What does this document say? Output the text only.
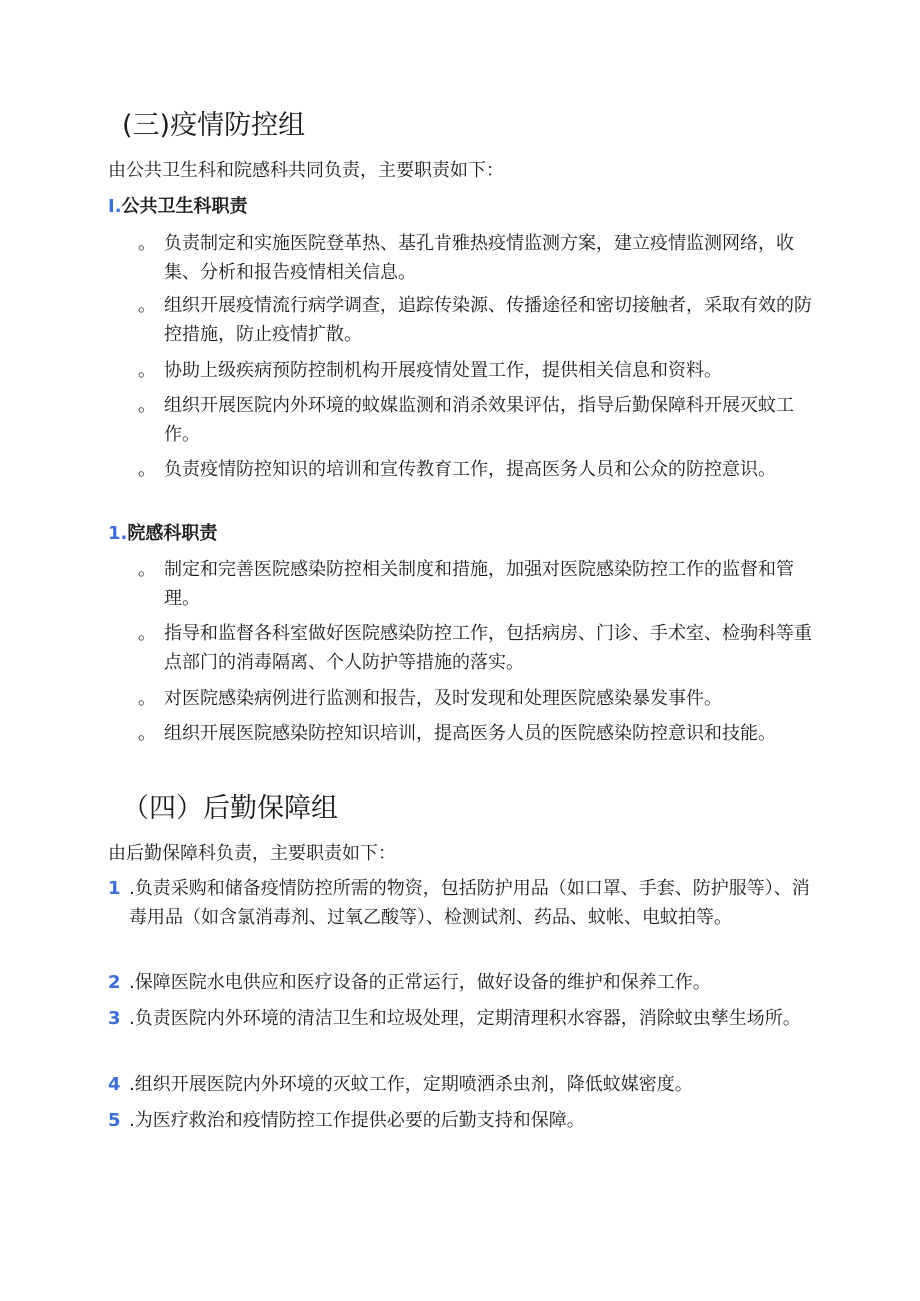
(三)疫情防控组
由公共卫生科和院感科共同负责，主要职责如下：
I.公共卫生科职责
。 负责制定和实施医院登革热、基孔肯雅热疫情监测方案，建立疫情监测网络，收集、分析和报告疫情相关信息。
。 组织开展疫情流行病学调查，追踪传染源、传播途径和密切接触者，采取有效的防控措施，防止疫情扩散。
。 协助上级疾病预防控制机构开展疫情处置工作，提供相关信息和资料。
。 组织开展医院内外环境的蚊媒监测和消杀效果评估，指导后勤保障科开展灭蚊工作。
。 负责疫情防控知识的培训和宣传教育工作，提高医务人员和公众的防控意识。
1.院感科职责
。 制定和完善医院感染防控相关制度和措施，加强对医院感染防控工作的监督和管理。
。 指导和监督各科室做好医院感染防控工作，包括病房、门诊、手术室、检驹科等重点部门的消毒隔离、个人防护等措施的落实。
。 对医院感染病例进行监测和报告，及时发现和处理医院感染暴发事件。
。 组织开展医院感染防控知识培训，提高医务人员的医院感染防控意识和技能。
（四）后勤保障组
由后勤保障科负责，主要职责如下：
1 .负责采购和储备疫情防控所需的物资，包括防护用品（如口罩、手套、防护服等）、消毒用品（如含氯消毒剂、过氧乙酸等）、检测试剂、药品、蚊帐、电蚊拍等。
2 .保障医院水电供应和医疗设备的正常运行，做好设备的维护和保养工作。
3 .负责医院内外环境的清洁卫生和垃圾处理，定期清理积水容器，消除蚊虫孳生场所。
4 .组织开展医院内外环境的灭蚊工作，定期喷洒杀虫剂，降低蚊媒密度。
5 .为医疗救治和疫情防控工作提供必要的后勤支持和保障。
